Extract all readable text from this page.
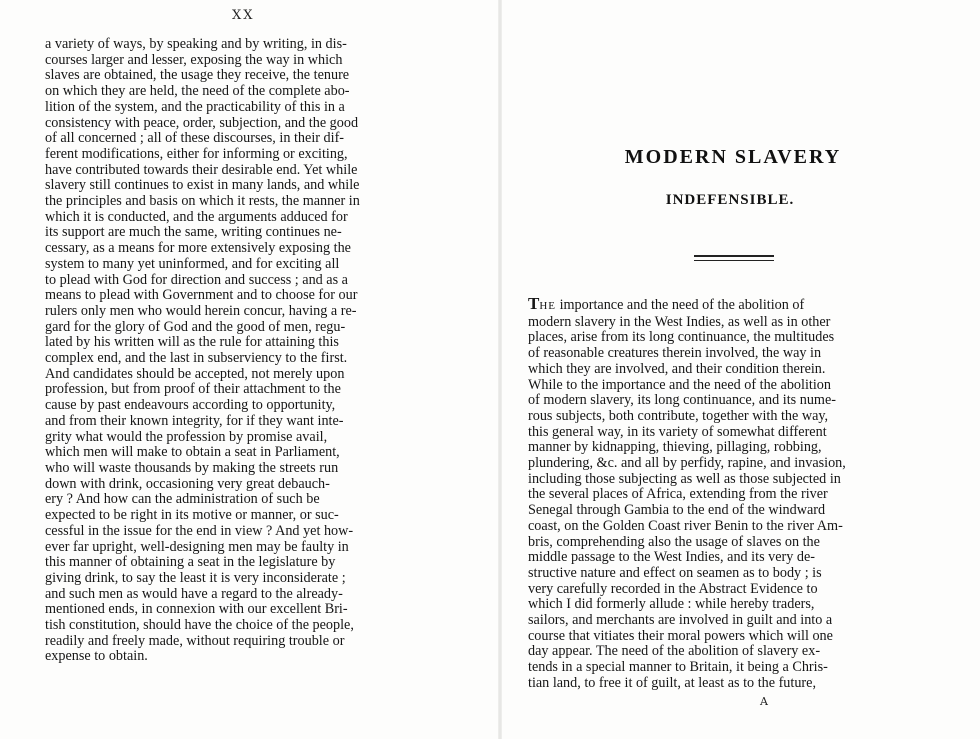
XX
a variety of ways, by speaking and by writing, in dis-
courses larger and lesser, exposing the way in which
slaves are obtained, the usage they receive, the tenure
on which they are held, the need of the complete abo-
lition of the system, and the practicability of this in a
consistency with peace, order, subjection, and the good
of all concerned ; all of these discourses, in their dif-
ferent modifications, either for informing or exciting,
have contributed towards their desirable end. Yet while
slavery still continues to exist in many lands, and while
the principles and basis on which it rests, the manner in
which it is conducted, and the arguments adduced for
its support are much the same, writing continues ne-
cessary, as a means for more extensively exposing the
system to many yet uninformed, and for exciting all
to plead with God for direction and success ; and as a
means to plead with Government and to choose for our
rulers only men who would herein concur, having a re-
gard for the glory of God and the good of men, regu-
lated by his written will as the rule for attaining this
complex end, and the last in subserviency to the first.
And candidates should be accepted, not merely upon
profession, but from proof of their attachment to the
cause by past endeavours according to opportunity,
and from their known integrity, for if they want inte-
grity what would the profession by promise avail,
which men will make to obtain a seat in Parliament,
who will waste thousands by making the streets run
down with drink, occasioning very great debauch-
ery ? And how can the administration of such be
expected to be right in its motive or manner, or suc-
cessful in the issue for the end in view ? And yet how-
ever far upright, well-designing men may be faulty in
this manner of obtaining a seat in the legislature by
giving drink, to say the least it is very inconsiderate ;
and such men as would have a regard to the already-
mentioned ends, in connexion with our excellent Bri-
tish constitution, should have the choice of the people,
readily and freely made, without requiring trouble or
expense to obtain.
MODERN SLAVERY
INDEFENSIBLE.
THE importance and the need of the abolition of
modern slavery in the West Indies, as well as in other
places, arise from its long continuance, the multitudes
of reasonable creatures therein involved, the way in
which they are involved, and their condition therein.
While to the importance and the need of the abolition
of modern slavery, its long continuance, and its nume-
rous subjects, both contribute, together with the way,
this general way, in its variety of somewhat different
manner by kidnapping, thieving, pillaging, robbing,
plundering, &c. and all by perfidy, rapine, and invasion,
including those subjecting as well as those subjected in
the several places of Africa, extending from the river
Senegal through Gambia to the end of the windward
coast, on the Golden Coast river Benin to the river Am-
bris, comprehending also the usage of slaves on the
middle passage to the West Indies, and its very de-
structive nature and effect on seamen as to body ; is
very carefully recorded in the Abstract Evidence to
which I did formerly allude : while hereby traders,
sailors, and merchants are involved in guilt and into a
course that vitiates their moral powers which will one
day appear. The need of the abolition of slavery ex-
tends in a special manner to Britain, it being a Chris-
tian land, to free it of guilt, at least as to the future,
A
